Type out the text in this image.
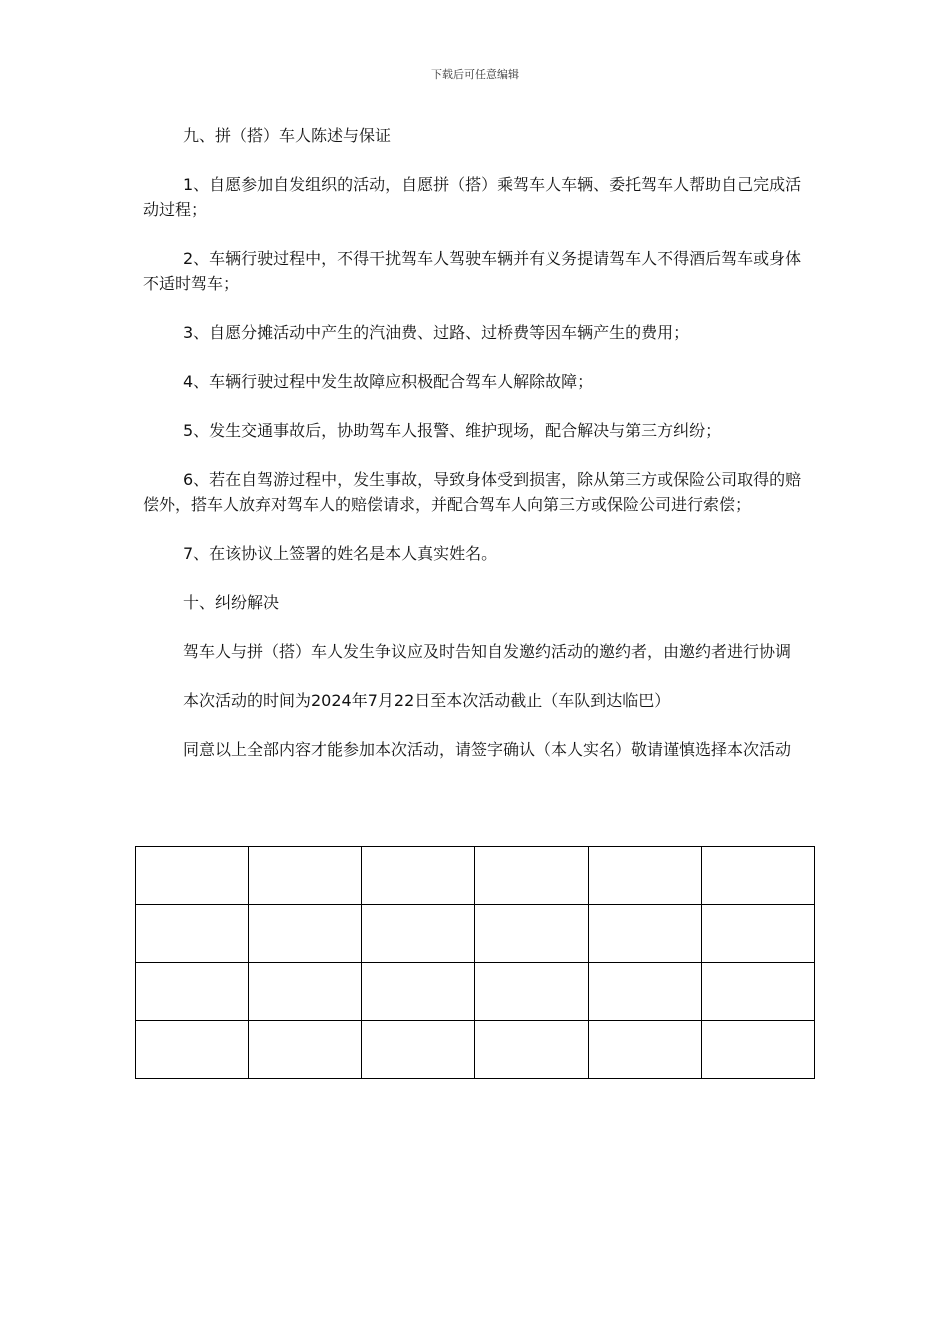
下载后可任意编辑

九、拼（搭）车人陈述与保证

1、自愿参加自发组织的活动，自愿拼（搭）乘驾车人车辆、委托驾车人帮助自己完成活动过程；

2、车辆行驶过程中，不得干扰驾车人驾驶车辆并有义务提请驾车人不得酒后驾车或身体不适时驾车；

3、自愿分摊活动中产生的汽油费、过路、过桥费等因车辆产生的费用；

4、车辆行驶过程中发生故障应积极配合驾车人解除故障；

5、发生交通事故后，协助驾车人报警、维护现场，配合解决与第三方纠纷；

6、若在自驾游过程中，发生事故，导致身体受到损害，除从第三方或保险公司取得的赔偿外，搭车人放弃对驾车人的赔偿请求，并配合驾车人向第三方或保险公司进行索偿；

7、在该协议上签署的姓名是本人真实姓名。

十、纠纷解决

驾车人与拼（搭）车人发生争议应及时告知自发邀约活动的邀约者，由邀约者进行协调

本次活动的时间为2024年7月22日至本次活动截止（车队到达临巴）

同意以上全部内容才能参加本次活动，请签字确认（本人实名）敬请谨慎选择本次活动
